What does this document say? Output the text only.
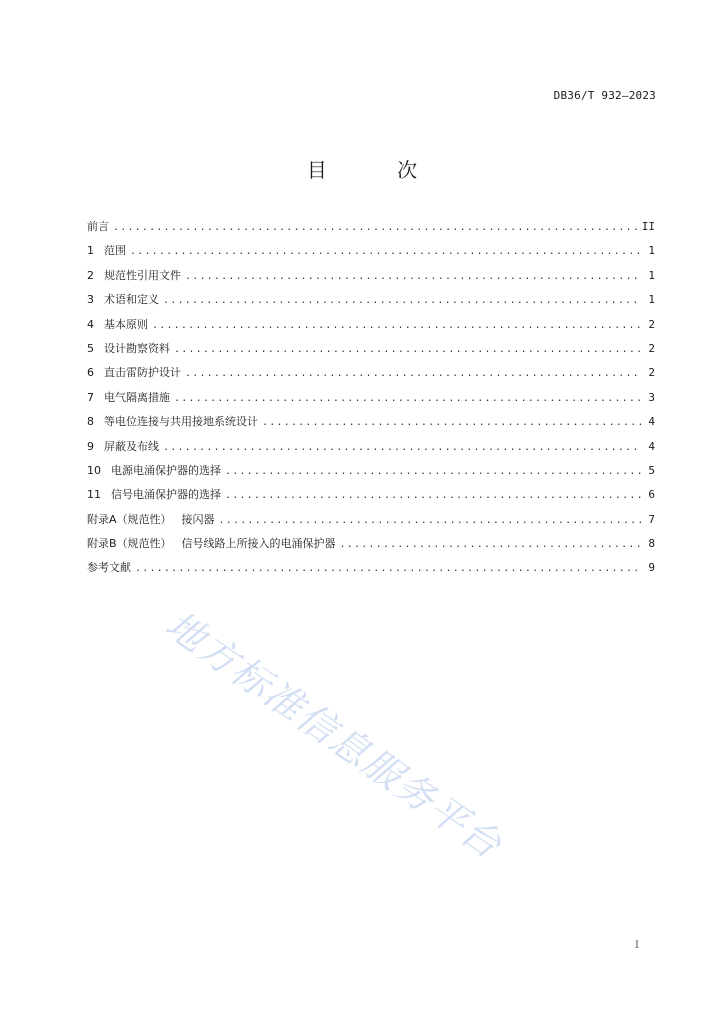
DB36/T 932—2023
目 次
前言 .....	II
1 范围 .....	1
2 规范性引用文件 .....	1
3 术语和定义 .....	1
4 基本原则 .....	2
5 设计勘察资料 .....	2
6 直击雷防护设计 .....	2
7 电气隔离措施 .....	3
8 等电位连接与共用接地系统设计 .....	4
9 屏蔽及布线 .....	4
10 电源电涌保护器的选择 .....	5
11 信号电涌保护器的选择 .....	6
附录A（规范性） 接闪器 .....	7
附录B（规范性） 信号线路上所接入的电涌保护器 .....	8
参考文献 .....	9
地方标准信息服务平台
I
